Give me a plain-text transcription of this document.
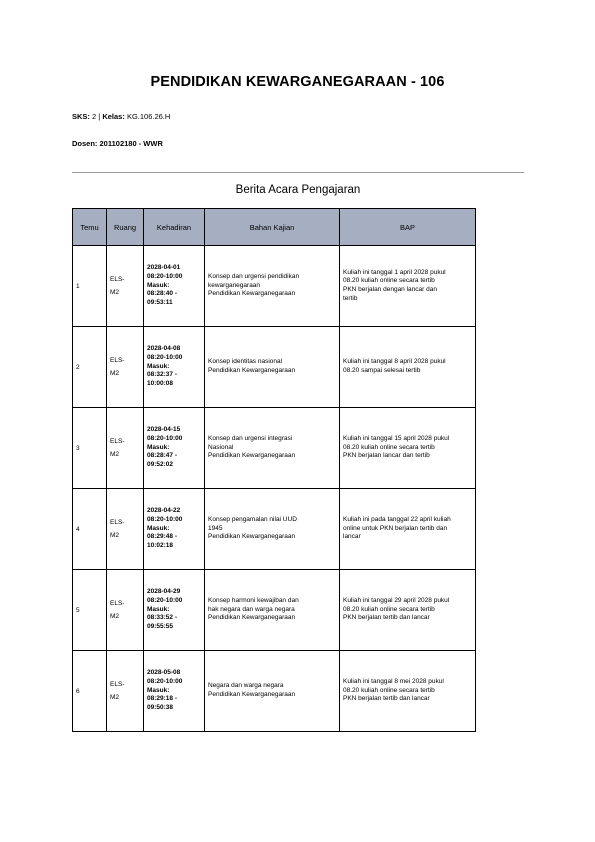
PENDIDIKAN KEWARGANEGARAAN - 106
SKS: 2 | Kelas: KG.106.26.H
Dosen: 201102180 - WWR
Berita Acara Pengajaran
Temu	Ruang	Kehadiran	Bahan Kajian	BAP
1	ELS-
M2	2028-04-01
08:20-10:00
Masuk:
08:28:40 -
09:53:11	Konsep dan urgensi pendidikan
kewarganegaraan
Pendidikan Kewarganegaraan	Kuliah ini tanggal 1 april 2028 pukul
08.20 kuliah online secara tertib
PKN berjalan dengan lancar dan
tertib

2	ELS-
M2	2028-04-08
08:20-10:00
Masuk:
08:32:37 -
10:00:08	Konsep identitas nasional
Pendidikan Kewarganegaraan	Kuliah ini tanggal 8 april 2028 pukul
08.20 sampai selesai tertib

3	ELS-
M2	2028-04-15
08:20-10:00
Masuk:
08:28:47 -
09:52:02	Konsep dan urgensi integrasi
Nasional
Pendidikan Kewarganegaraan	Kuliah ini tanggal 15 april 2028 pukul
08.20 kuliah online secara tertib
PKN berjalan lancar dan tertib

4	ELS-
M2	2028-04-22
08:20-10:00
Masuk:
08:29:48 -
10:02:18	Konsep pengamalan nilai UUD
1945
Pendidikan Kewarganegaraan	Kuliah ini pada tanggal 22 april kuliah
online untuk PKN berjalan tertib dan
lancar

5	ELS-
M2	2028-04-29
08:20-10:00
Masuk:
08:33:52 -
09:55:55	Konsep harmoni kewajiban dan
hak negara dan warga negara
Pendidikan Kewarganegaraan	Kuliah ini tanggal 29 april 2028 pukul
08.20 kuliah online secara tertib
PKN berjalan tertib dan lancar

6	ELS-
M2	2028-05-08
08:20-10:00
Masuk:
08:29:18 -
09:50:38	Negara dan warga negara
Pendidikan Kewarganegaraan	Kuliah ini tanggal 8 mei 2028 pukul
08.20 kuliah online secara tertib
PKN berjalan tertib dan lancar
